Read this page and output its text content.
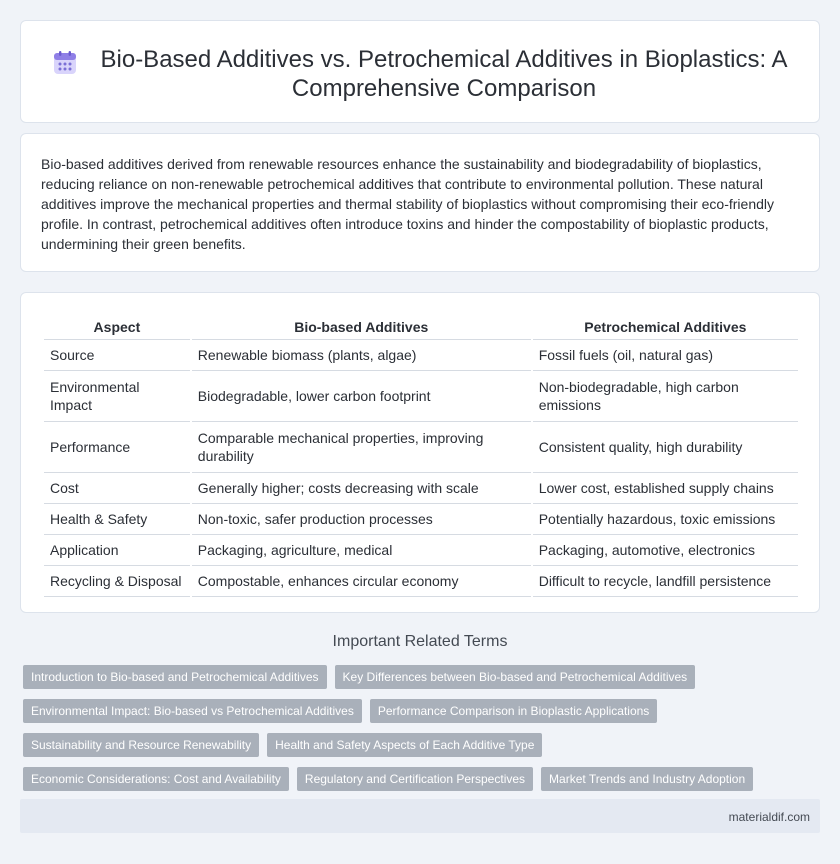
Bio-Based Additives vs. Petrochemical Additives in Bioplastics: A Comprehensive Comparison

Bio-based additives derived from renewable resources enhance the sustainability and biodegradability of bioplastics, reducing reliance on non-renewable petrochemical additives that contribute to environmental pollution. These natural additives improve the mechanical properties and thermal stability of bioplastics without compromising their eco-friendly profile. In contrast, petrochemical additives often introduce toxins and hinder the compostability of bioplastic products, undermining their green benefits.

Aspect	Bio-based Additives	Petrochemical Additives
Source	Renewable biomass (plants, algae)	Fossil fuels (oil, natural gas)
Environmental Impact	Biodegradable, lower carbon footprint	Non-biodegradable, high carbon emissions
Performance	Comparable mechanical properties, improving durability	Consistent quality, high durability
Cost	Generally higher; costs decreasing with scale	Lower cost, established supply chains
Health & Safety	Non-toxic, safer production processes	Potentially hazardous, toxic emissions
Application	Packaging, agriculture, medical	Packaging, automotive, electronics
Recycling & Disposal	Compostable, enhances circular economy	Difficult to recycle, landfill persistence
Important Related Terms
Introduction to Bio-based and Petrochemical Additives	Key Differences between Bio-based and Petrochemical Additives
Environmental Impact: Bio-based vs Petrochemical Additives	Performance Comparison in Bioplastic Applications
Sustainability and Resource Renewability	Health and Safety Aspects of Each Additive Type
Economic Considerations: Cost and Availability	Regulatory and Certification Perspectives	Market Trends and Industry Adoption
materialdif.com
